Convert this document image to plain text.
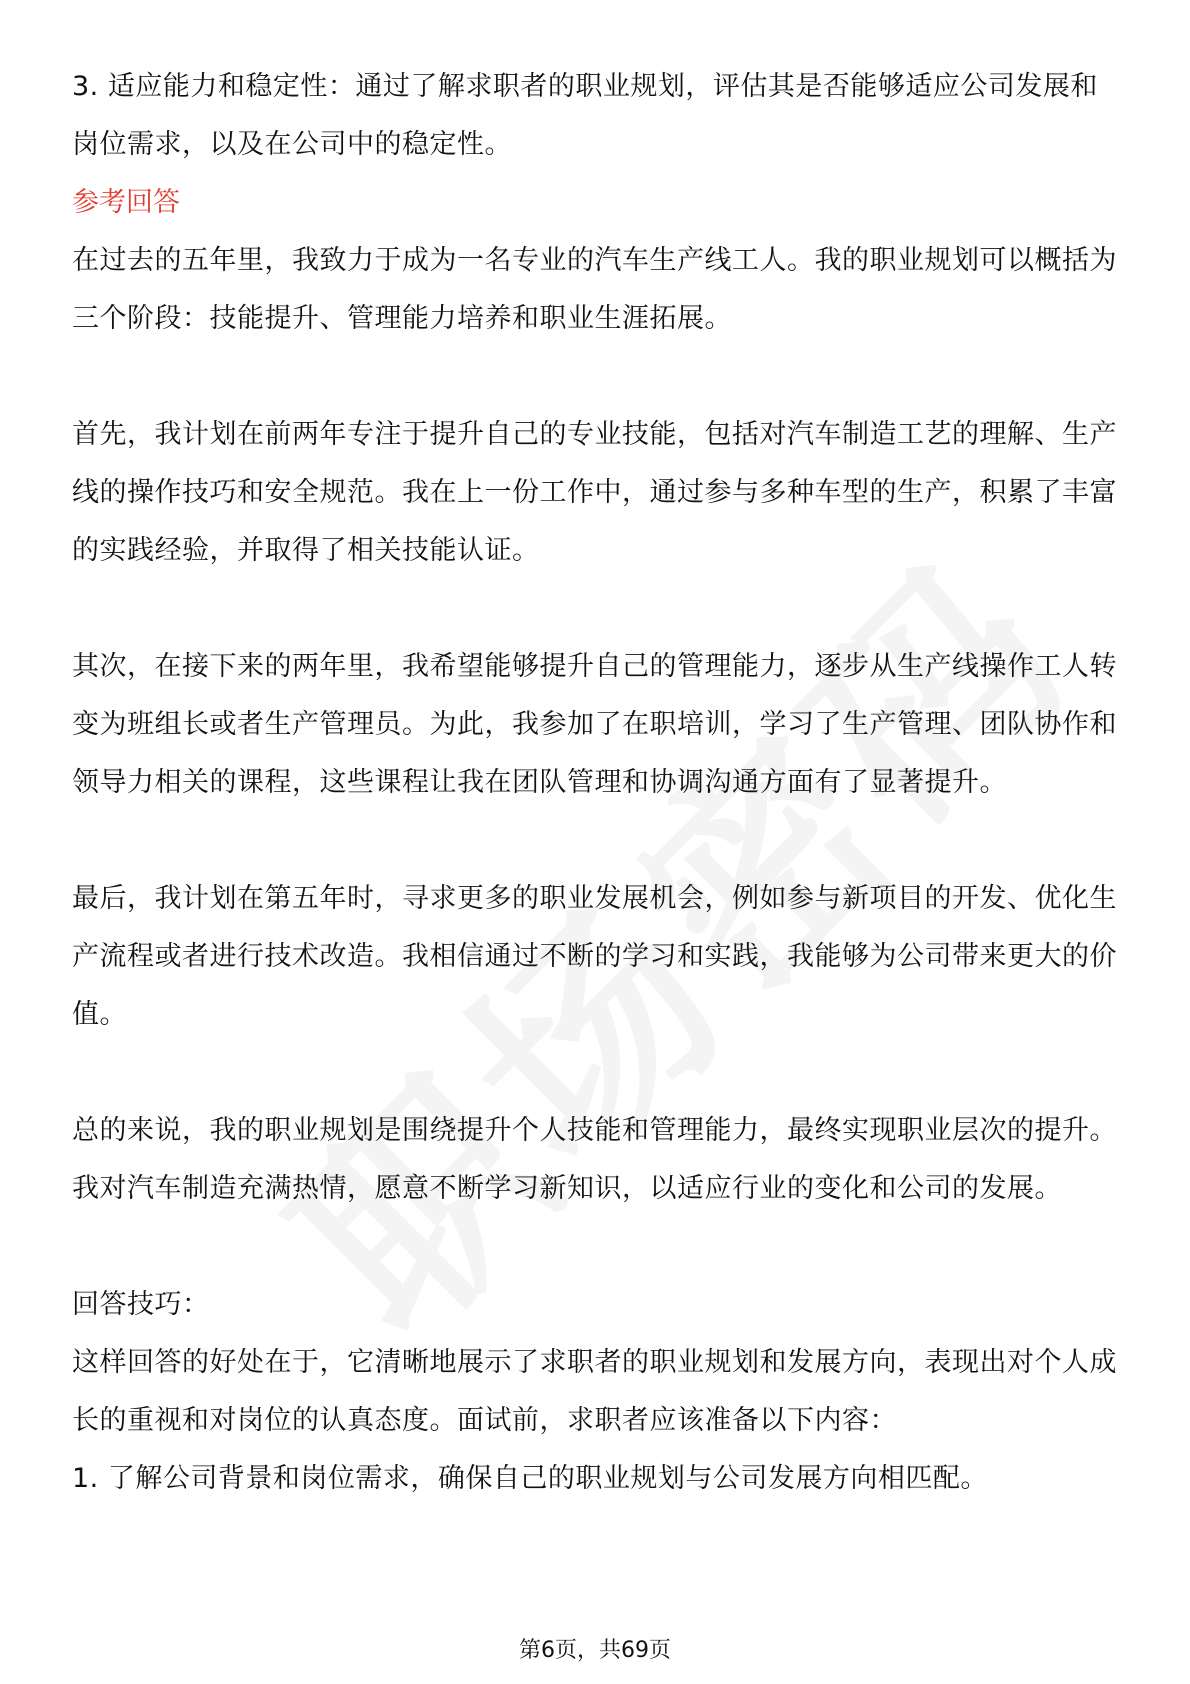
3. 适应能力和稳定性：通过了解求职者的职业规划，评估其是否能够适应公司发展和岗位需求，以及在公司中的稳定性。

参考回答

在过去的五年里，我致力于成为一名专业的汽车生产线工人。我的职业规划可以概括为三个阶段：技能提升、管理能力培养和职业生涯拓展。

首先，我计划在前两年专注于提升自己的专业技能，包括对汽车制造工艺的理解、生产线的操作技巧和安全规范。我在上一份工作中，通过参与多种车型的生产，积累了丰富的实践经验，并取得了相关技能认证。

其次，在接下来的两年里，我希望能够提升自己的管理能力，逐步从生产线操作工人转变为班组长或者生产管理员。为此，我参加了在职培训，学习了生产管理、团队协作和领导力相关的课程，这些课程让我在团队管理和协调沟通方面有了显著提升。

最后，我计划在第五年时，寻求更多的职业发展机会，例如参与新项目的开发、优化生产流程或者进行技术改造。我相信通过不断的学习和实践，我能够为公司带来更大的价值。

总的来说，我的职业规划是围绕提升个人技能和管理能力，最终实现职业层次的提升。我对汽车制造充满热情，愿意不断学习新知识，以适应行业的变化和公司的发展。

回答技巧：

这样回答的好处在于，它清晰地展示了求职者的职业规划和发展方向，表现出对个人成长的重视和对岗位的认真态度。面试前，求职者应该准备以下内容：

1. 了解公司背景和岗位需求，确保自己的职业规划与公司发展方向相匹配。

第6页，共69页
